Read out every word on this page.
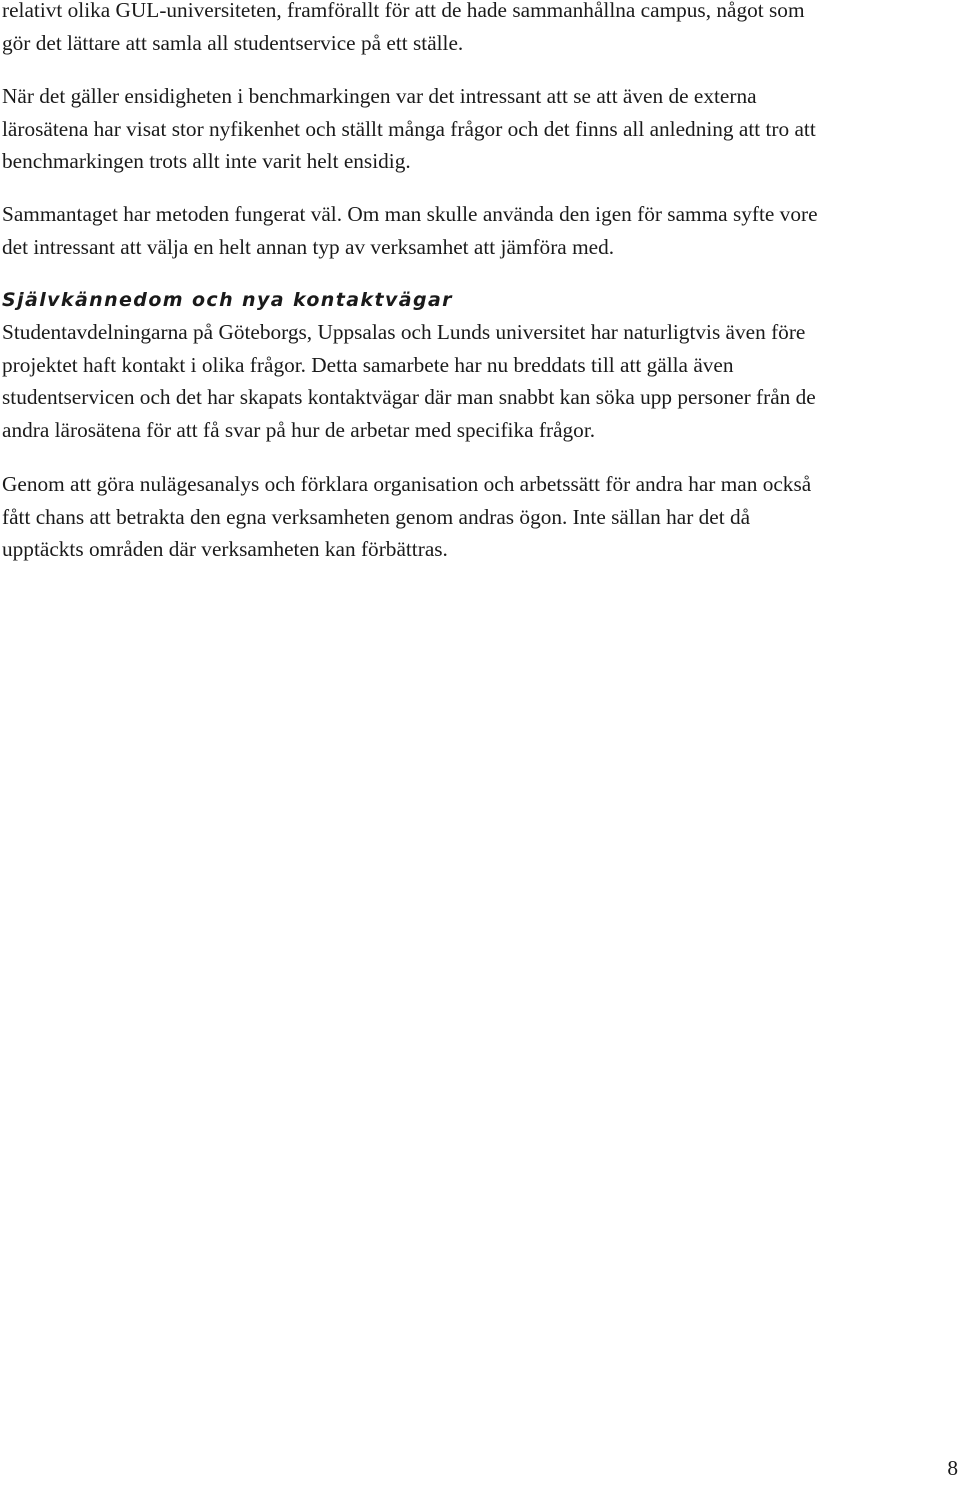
relativt olika GUL-universiteten, framförallt för att de hade sammanhållna campus, något som
gör det lättare att samla all studentservice på ett ställe.
När det gäller ensidigheten i benchmarkingen var det intressant att se att även de externa
lärosätena har visat stor nyfikenhet och ställt många frågor och det finns all anledning att tro att
benchmarkingen trots allt inte varit helt ensidig.
Sammantaget har metoden fungerat väl. Om man skulle använda den igen för samma syfte vore
det intressant att välja en helt annan typ av verksamhet att jämföra med.
Självkännedom och nya kontaktvägar
Studentavdelningarna på Göteborgs, Uppsalas och Lunds universitet har naturligtvis även före
projektet haft kontakt i olika frågor. Detta samarbete har nu breddats till att gälla även
studentservicen och det har skapats kontaktvägar där man snabbt kan söka upp personer från de
andra lärosätena för att få svar på hur de arbetar med specifika frågor.
Genom att göra nulägesanalys och förklara organisation och arbetssätt för andra har man också
fått chans att betrakta den egna verksamheten genom andras ögon. Inte sällan har det då
upptäckts områden där verksamheten kan förbättras.
8
